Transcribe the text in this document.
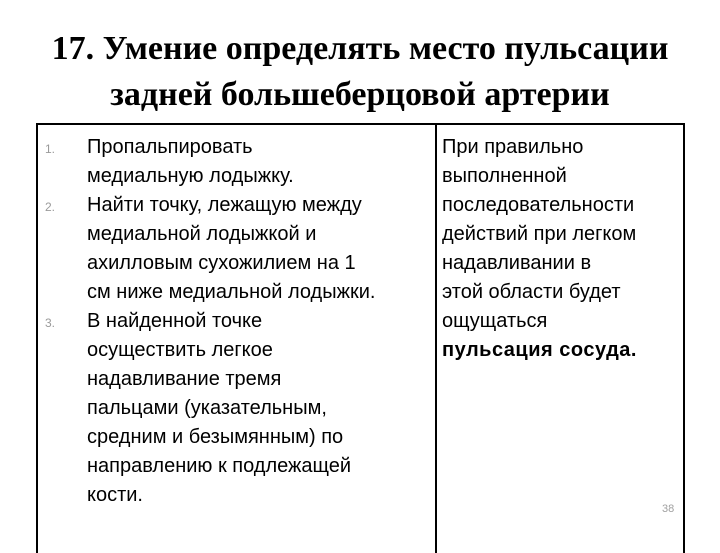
17. Умение определять место пульсации
задней большеберцовой артерии
1. Пропальпировать
медиальную лодыжку.
2. Найти точку, лежащую между
медиальной лодыжкой и
ахилловым сухожилием на 1
см ниже медиальной лодыжки.
3. В найденной точке
осуществить легкое
надавливание тремя
пальцами (указательным,
средним и безымянным) по
направлению к подлежащей
кости.
При правильно
выполненной
последовательности
действий при легком
надавливании в
этой области будет
ощущаться
пульсация сосуда.
38
